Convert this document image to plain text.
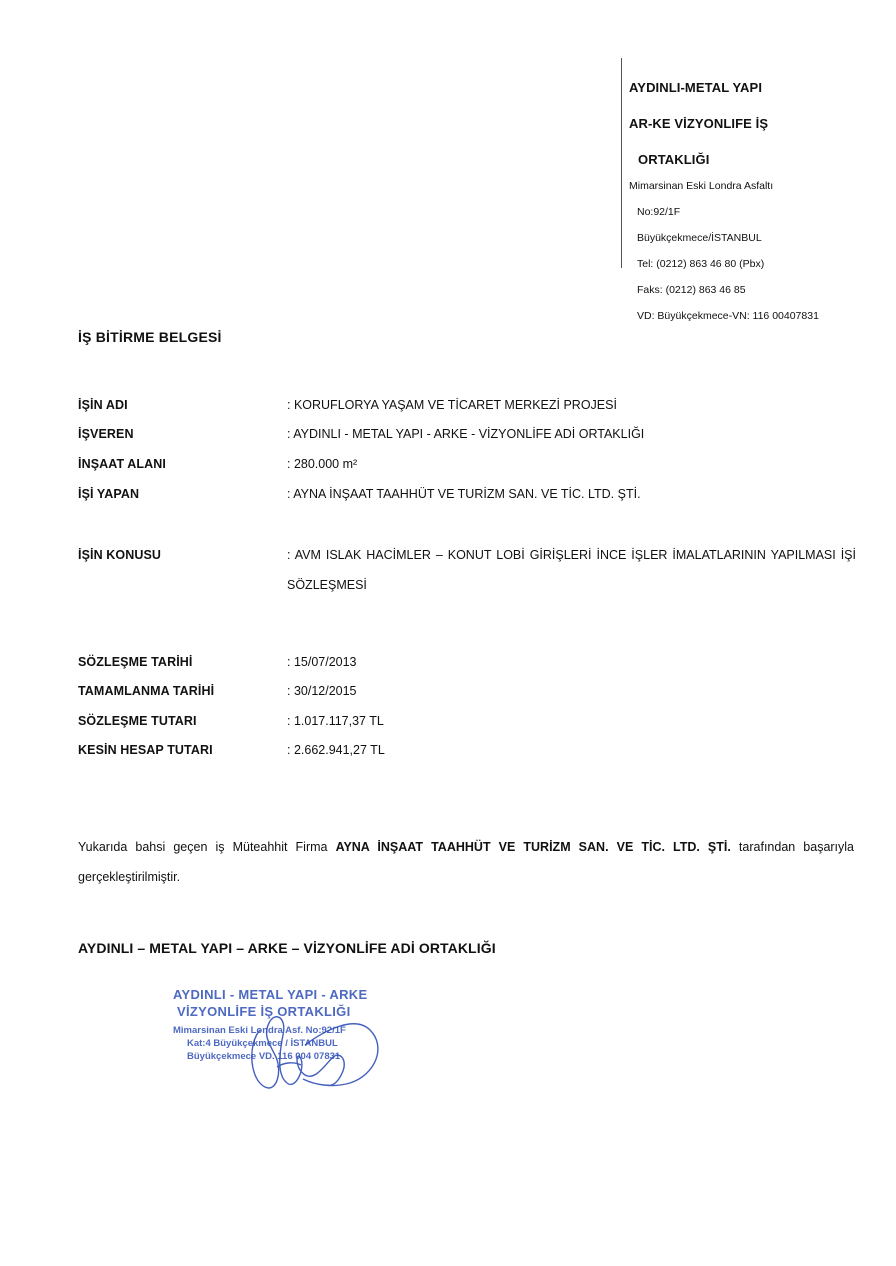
AYDINLI-METAL YAPI
AR-KE VİZYONLIFE İŞ
ORTAKLIĞI
Mimarsinan Eski Londra Asfaltı
No:92/1F
Büyükçekmece/İSTANBUL
Tel: (0212) 863 46 80 (Pbx)
Faks: (0212) 863 46 85
VD: Büyükçekmece-VN: 116 00407831
İŞ BİTİRME BELGESİ
İŞİN ADI	: KORUFLORYA YAŞAM VE TİCARET MERKEZİ PROJESİ
İŞVEREN	: AYDINLI - METAL YAPI - ARKE - VİZYONLİFE ADİ ORTAKLIĞI
İNŞAAT ALANI	: 280.000 m²
İŞİ YAPAN	: AYNA İNŞAAT TAAHHÜT VE TURİZM SAN. VE TİC. LTD. ŞTİ.
İŞİN KONUSU	: AVM ISLAK HACİMLER – KONUT LOBİ GİRİŞLERİ İNCE İŞLER İMALATLARININ YAPILMASI İŞİ SÖZLEŞMESİ
SÖZLEŞME TARİHİ	: 15/07/2013
TAMAMLANMA TARİHİ	: 30/12/2015
SÖZLEŞME TUTARI	: 1.017.117,37 TL
KESİN HESAP TUTARI	: 2.662.941,27 TL
Yukarıda bahsi geçen iş Müteahhit Firma AYNA İNŞAAT TAAHHÜT VE TURİZM SAN. VE TİC. LTD. ŞTİ. tarafından başarıyla gerçekleştirilmiştir.
AYDINLI – METAL YAPI – ARKE – VİZYONLİFE ADİ ORTAKLIĞI
AYDINLI - METAL YAPI - ARKE
VİZYONLİFE İŞ ORTAKLIĞI
Mimarsinan Eski Londra Asf. No:92/1F
Kat:4 Büyükçekmece / İSTANBUL
Büyükçekmece VD. 116 004 07831
